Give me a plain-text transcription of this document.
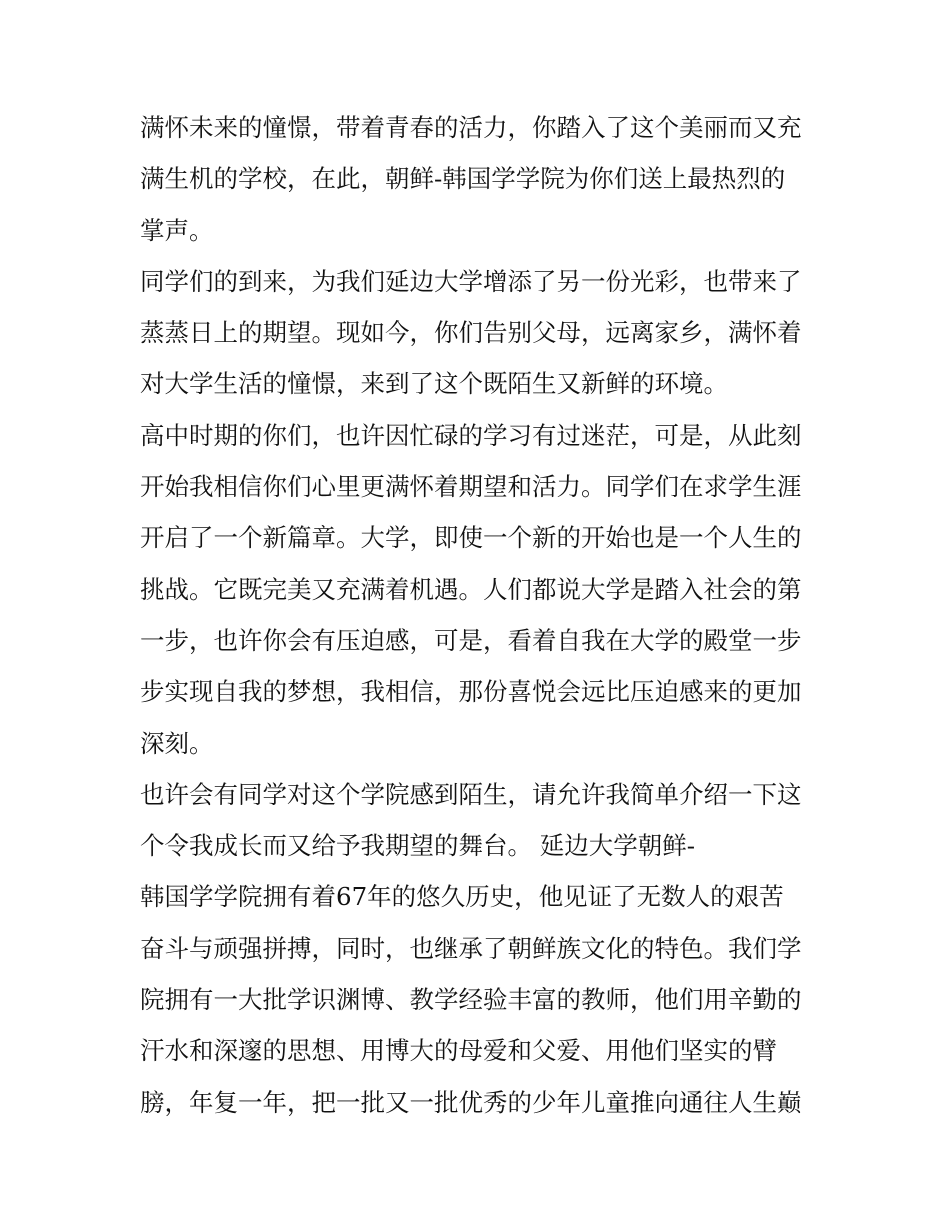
满怀未来的憧憬，带着青春的活力，你踏入了这个美丽而又充
满生机的学校，在此，朝鲜-韩国学学院为你们送上最热烈的
掌声。
同学们的到来，为我们延边大学增添了另一份光彩，也带来了
蒸蒸日上的期望。现如今，你们告别父母，远离家乡，满怀着
对大学生活的憧憬，来到了这个既陌生又新鲜的环境。
高中时期的你们，也许因忙碌的学习有过迷茫，可是，从此刻
开始我相信你们心里更满怀着期望和活力。同学们在求学生涯
开启了一个新篇章。大学，即使一个新的开始也是一个人生的
挑战。它既完美又充满着机遇。人们都说大学是踏入社会的第
一步，也许你会有压迫感，可是，看着自我在大学的殿堂一步
步实现自我的梦想，我相信，那份喜悦会远比压迫感来的更加
深刻。
也许会有同学对这个学院感到陌生，请允许我简单介绍一下这
个令我成长而又给予我期望的舞台。 延边大学朝鲜-
韩国学学院拥有着67年的悠久历史，他见证了无数人的艰苦
奋斗与顽强拼搏，同时，也继承了朝鲜族文化的特色。我们学
院拥有一大批学识渊博、教学经验丰富的教师，他们用辛勤的
汗水和深邃的思想、用博大的母爱和父爱、用他们坚实的臂
膀，年复一年，把一批又一批优秀的少年儿童推向通往人生巅
